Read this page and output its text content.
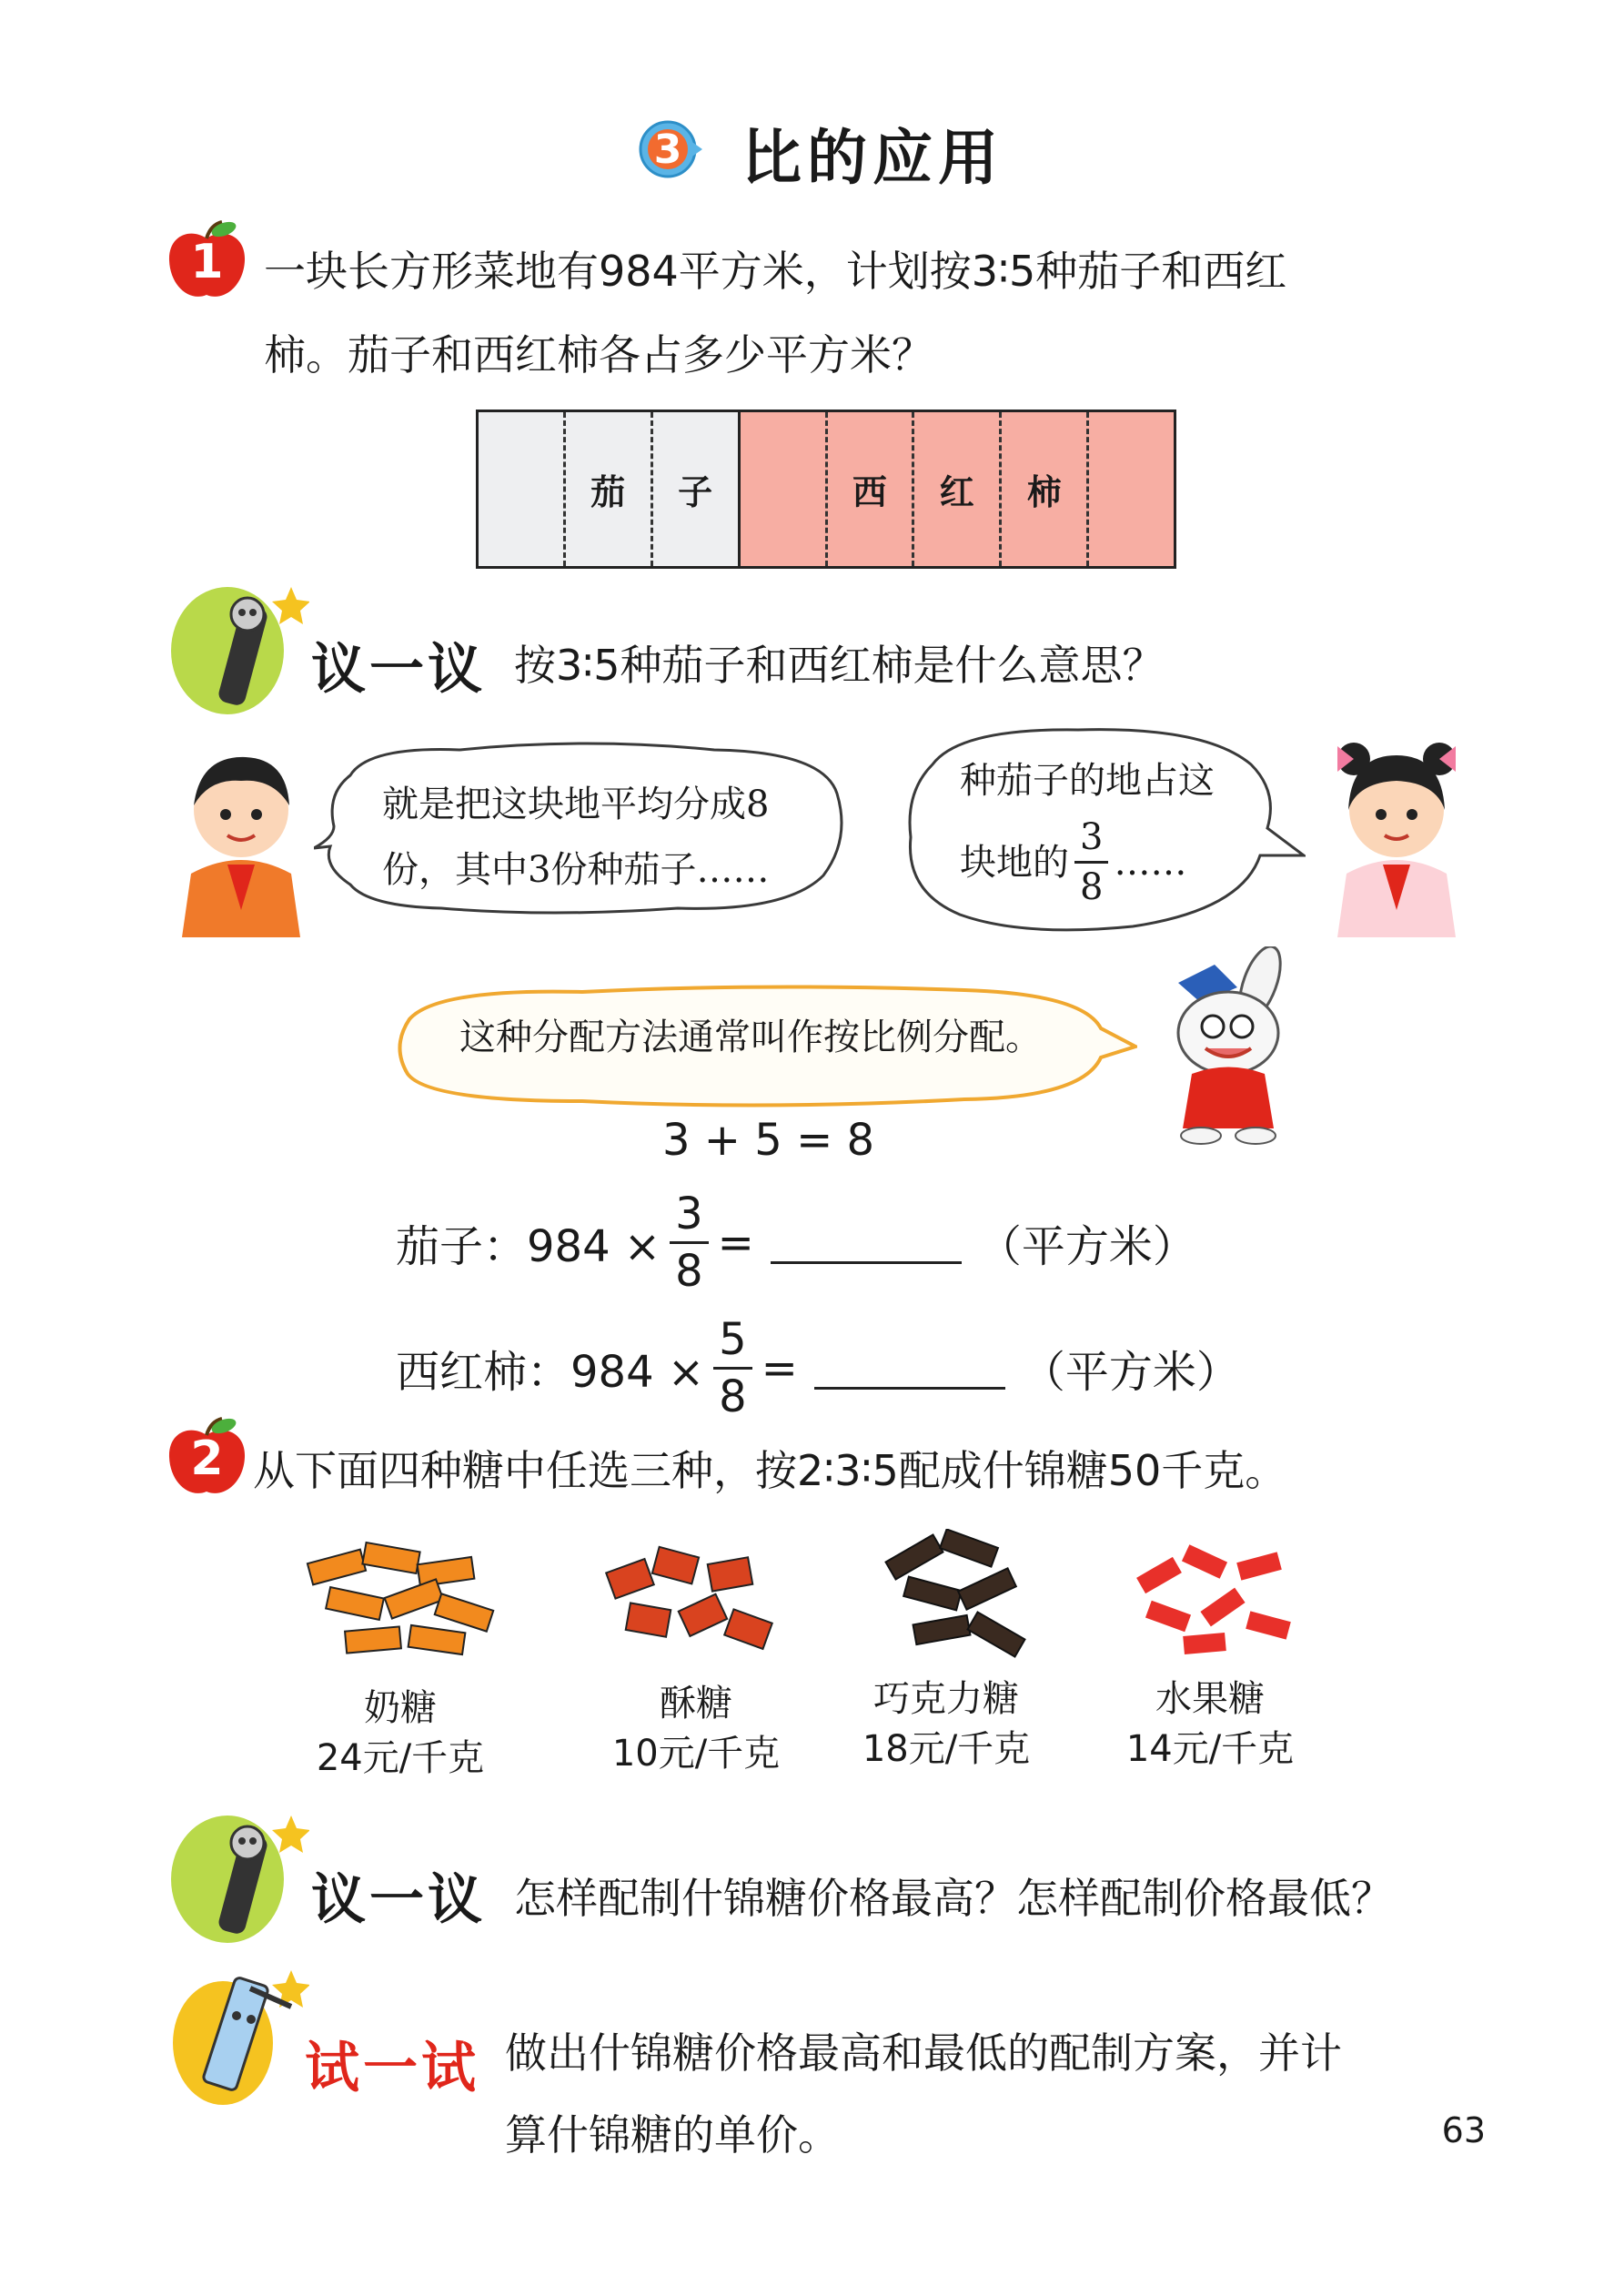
3 比的应用
1 一块长方形菜地有984平方米，计划按3∶5种茄子和西红
柿。茄子和西红柿各占多少平方米？
茄 子	西 红 柿
议一议 按3∶5种茄子和西红柿是什么意思？
就是把这块地平均分成8
份，其中3份种茄子……
种茄子的地占这
块地的 $\frac{3}{8}$ ……
这种分配方法通常叫作按比例分配。
3 + 5 = 8
茄子：$984 \times \frac{3}{8}$ =	（平方米）
西红柿：$984 \times \frac{5}{8}$ =	（平方米）
2 从下面四种糖中任选三种，按2∶3∶5配成什锦糖50千克。
奶糖
24元/千克
酥糖
10元/千克
巧克力糖
18元/千克
水果糖
14元/千克
议一议 怎样配制什锦糖价格最高？怎样配制价格最低？
试一试 做出什锦糖价格最高和最低的配制方案，并计
算什锦糖的单价。	63
